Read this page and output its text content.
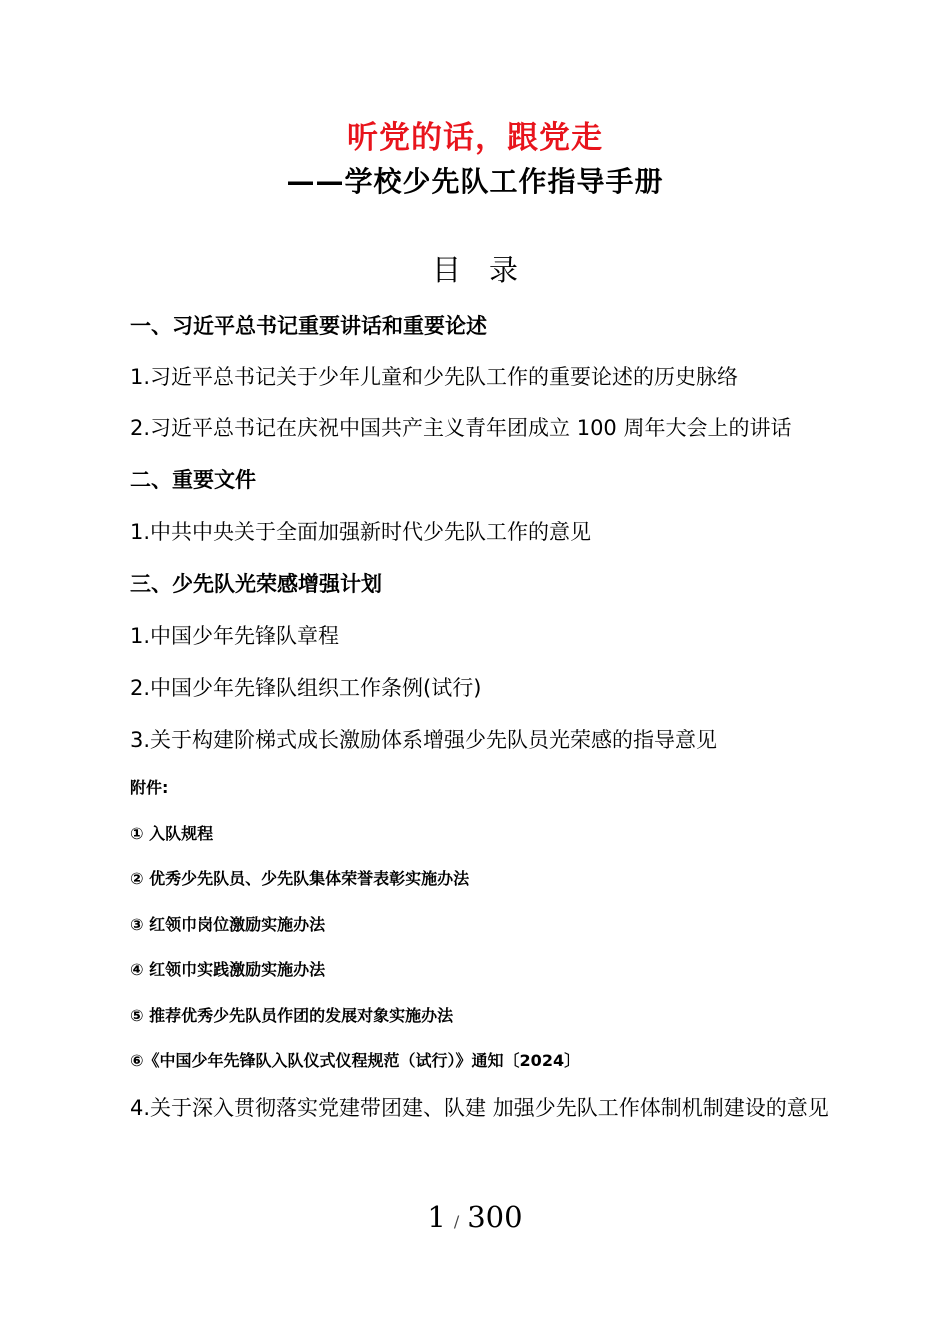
听党的话，跟党走
——学校少先队工作指导手册
目录
一、习近平总书记重要讲话和重要论述
1.习近平总书记关于少年儿童和少先队工作的重要论述的历史脉络
2.习近平总书记在庆祝中国共产主义青年团成立 100 周年大会上的讲话
二、重要文件
1.中共中央关于全面加强新时代少先队工作的意见
三、少先队光荣感增强计划
1.中国少年先锋队章程
2.中国少年先锋队组织工作条例(试行)
3.关于构建阶梯式成长激励体系增强少先队员光荣感的指导意见
附件:
① 入队规程
② 优秀少先队员、少先队集体荣誉表彰实施办法
③ 红领巾岗位激励实施办法
④ 红领巾实践激励实施办法
⑤ 推荐优秀少先队员作团的发展对象实施办法
⑥《中国少年先锋队入队仪式仪程规范（试行）》通知〔2024〕
4.关于深入贯彻落实党建带团建、队建 加强少先队工作体制机制建设的意见
1 / 300
